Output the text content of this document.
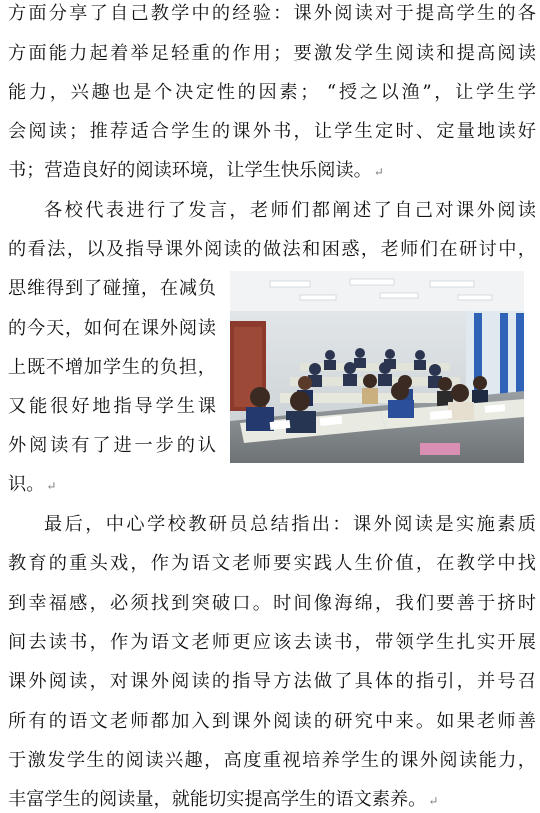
方面分享了自己教学中的经验：课外阅读对于提高学生的各
方面能力起着举足轻重的作用；要激发学生阅读和提高阅读
能力，兴趣也是个决定性的因素； “授之以渔”，让学生学
会阅读；推荐适合学生的课外书，让学生定时、定量地读好
书；营造良好的阅读环境，让学生快乐阅读。 ↵
各校代表进行了发言，老师们都阐述了自己对课外阅读
的看法，以及指导课外阅读的做法和困惑，老师们在研讨中，
思维得到了碰撞，在减负
的今天，如何在课外阅读
上既不增加学生的负担，
又能很好地指导学生课
外阅读有了进一步的认
识。 ↵
最后，中心学校教研员总结指出：课外阅读是实施素质
教育的重头戏，作为语文老师要实践人生价值，在教学中找
到幸福感，必须找到突破口。时间像海绵，我们要善于挤时
间去读书，作为语文老师更应该去读书，带领学生扎实开展
课外阅读，对课外阅读的指导方法做了具体的指引，并号召
所有的语文老师都加入到课外阅读的研究中来。如果老师善
于激发学生的阅读兴趣，高度重视培养学生的课外阅读能力，
丰富学生的阅读量，就能切实提高学生的语文素养。 ↵
